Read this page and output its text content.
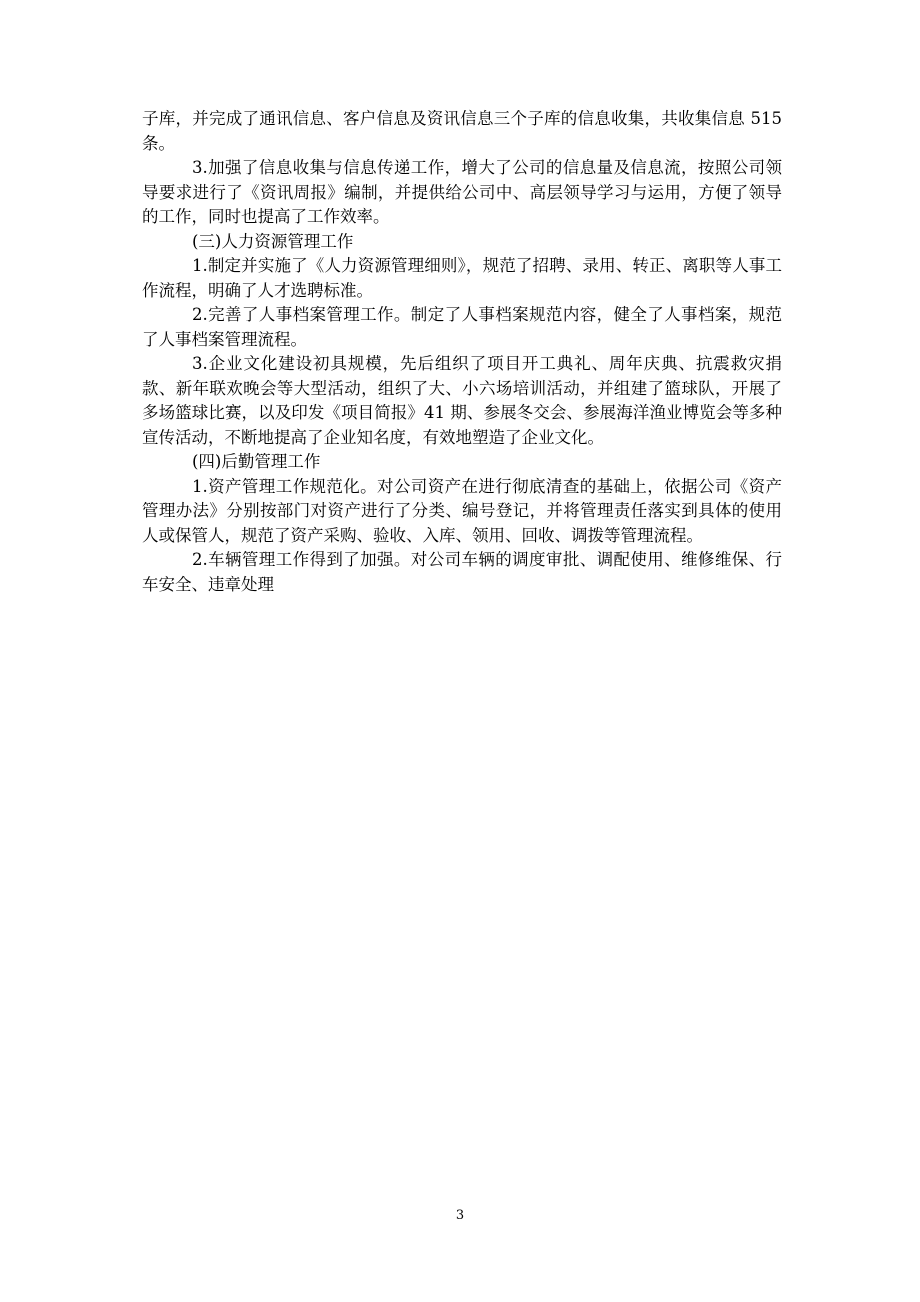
子库，并完成了通讯信息、客户信息及资讯信息三个子库的信息收集，共收集信息 515 条。

3.加强了信息收集与信息传递工作，增大了公司的信息量及信息流，按照公司领导要求进行了《资讯周报》编制，并提供给公司中、高层领导学习与运用，方便了领导的工作，同时也提高了工作效率。

(三)人力资源管理工作

1.制定并实施了《人力资源管理细则》，规范了招聘、录用、转正、离职等人事工作流程，明确了人才选聘标准。

2.完善了人事档案管理工作。制定了人事档案规范内容，健全了人事档案，规范了人事档案管理流程。

3.企业文化建设初具规模，先后组织了项目开工典礼、周年庆典、抗震救灾捐款、新年联欢晚会等大型活动，组织了大、小六场培训活动，并组建了篮球队，开展了多场篮球比赛，以及印发《项目简报》41 期、参展冬交会、参展海洋渔业博览会等多种宣传活动，不断地提高了企业知名度，有效地塑造了企业文化。

(四)后勤管理工作

1.资产管理工作规范化。对公司资产在进行彻底清查的基础上，依据公司《资产管理办法》分别按部门对资产进行了分类、编号登记，并将管理责任落实到具体的使用人或保管人，规范了资产采购、验收、入库、领用、回收、调拨等管理流程。

2.车辆管理工作得到了加强。对公司车辆的调度审批、调配使用、维修维保、行车安全、违章处理

3
